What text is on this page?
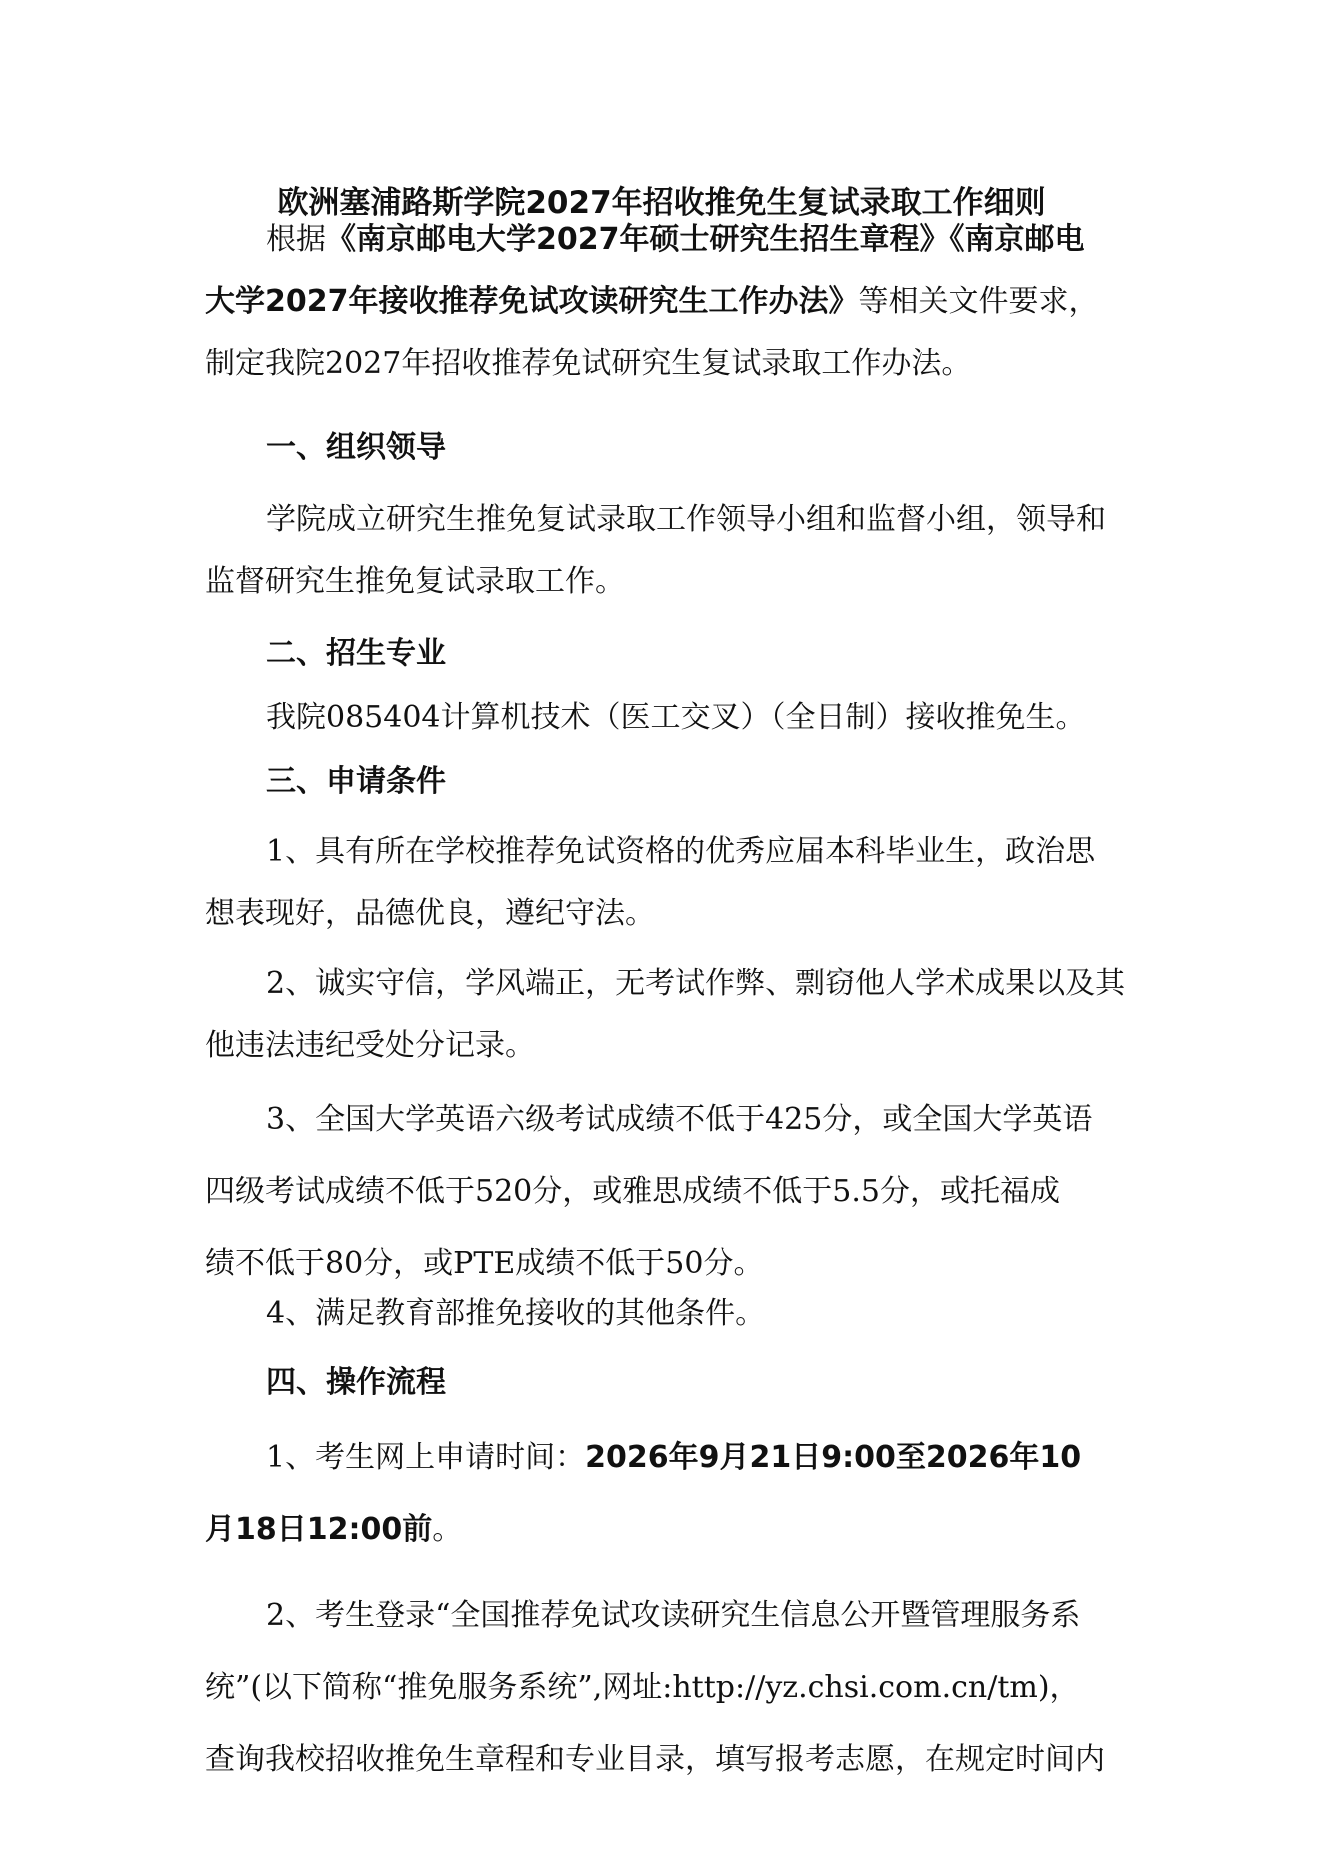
欧洲塞浦路斯学院2027年招收推免生复试录取工作细则
根据《南京邮电大学2027年硕士研究生招生章程》《南京邮电
大学2027年接收推荐免试攻读研究生工作办法》等相关文件要求，
制定我院2027年招收推荐免试研究生复试录取工作办法。
一、组织领导
学院成立研究生推免复试录取工作领导小组和监督小组，领导和
监督研究生推免复试录取工作。
二、招生专业
我院085404计算机技术（医工交叉）（全日制）接收推免生。
三、申请条件
1、具有所在学校推荐免试资格的优秀应届本科毕业生，政治思
想表现好，品德优良，遵纪守法。
2、诚实守信，学风端正，无考试作弊、剽窃他人学术成果以及其
他违法违纪受处分记录。
3、全国大学英语六级考试成绩不低于425分，或全国大学英语
四级考试成绩不低于520分，或雅思成绩不低于5.5分，或托福成
绩不低于80分，或PTE成绩不低于50分。
4、满足教育部推免接收的其他条件。
四、操作流程
1、考生网上申请时间：2026年9月21日9:00至2026年10
月18日12:00前。
2、考生登录“全国推荐免试攻读研究生信息公开暨管理服务系
统”(以下简称“推免服务系统”,网址:http://yz.chsi.com.cn/tm)，
查询我校招收推免生章程和专业目录，填写报考志愿，在规定时间内
